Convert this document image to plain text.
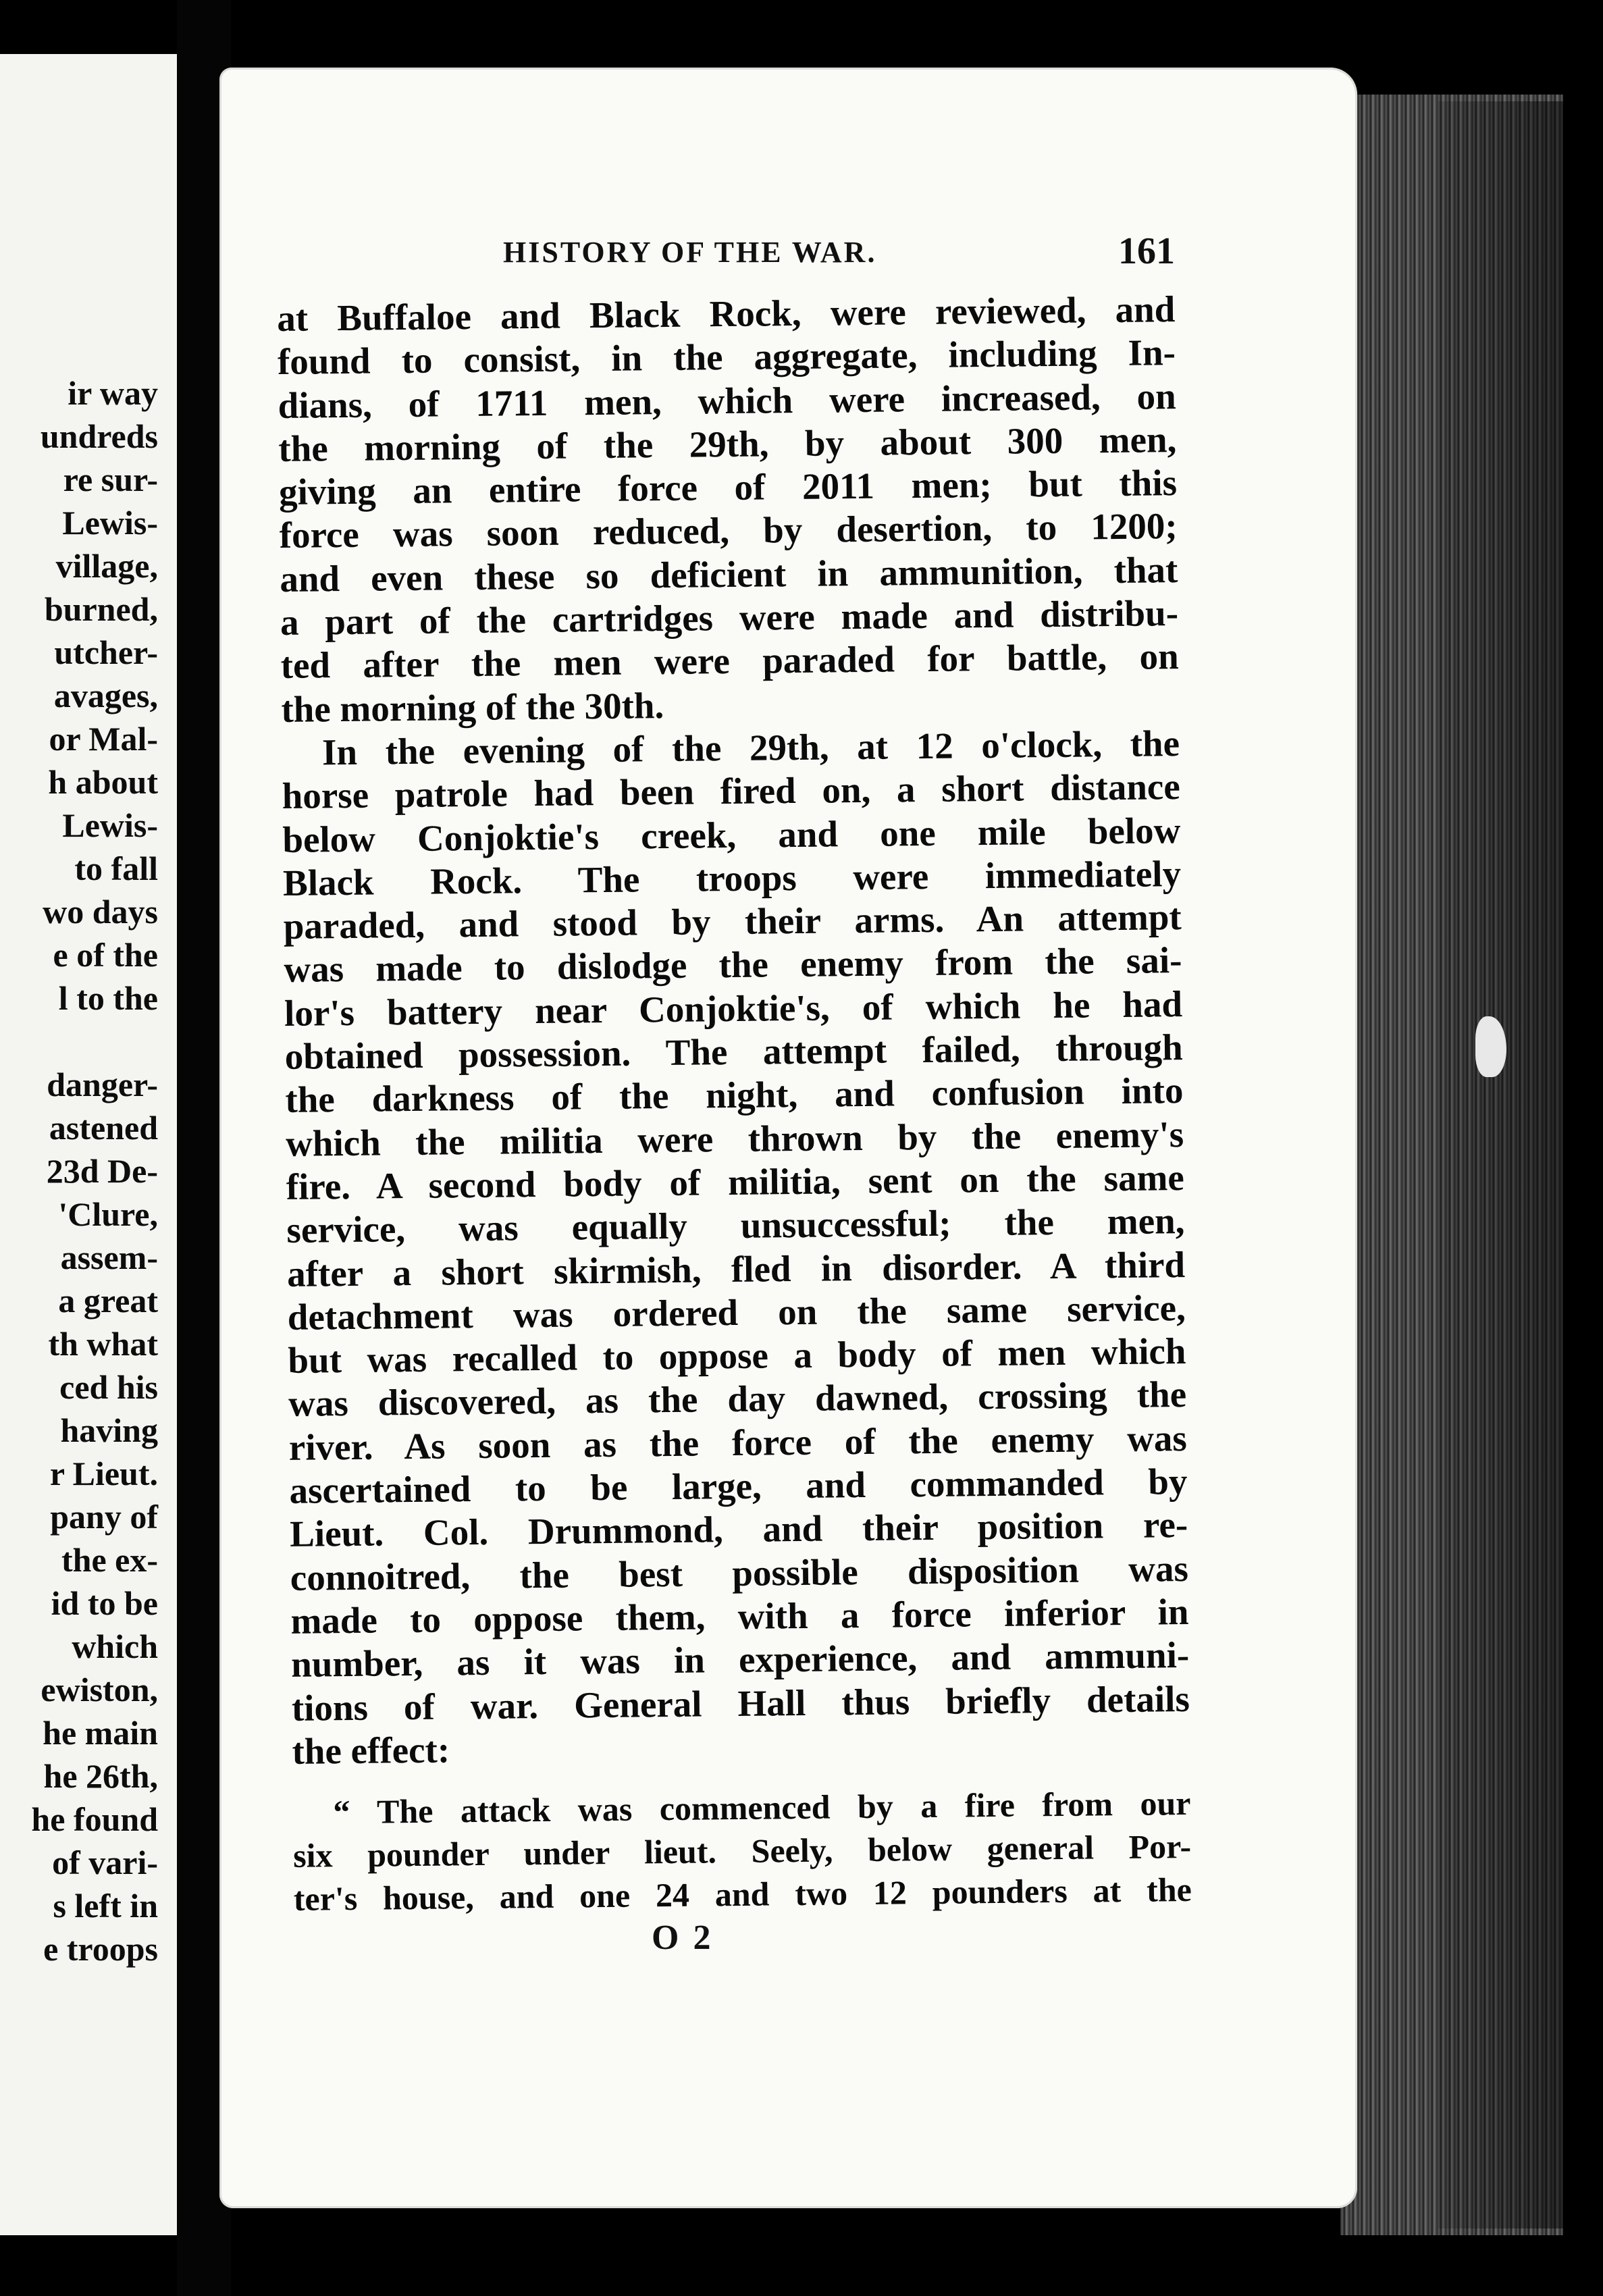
ir way
undreds
re sur-
Lewis-
village,
burned,
utcher-
avages,
or Mal-
h about
Lewis-
to fall
wo days
e of the
l to the
danger-
astened
23d De-
'Clure,
assem-
a great
th what
ced his
having
r Lieut.
pany of
the ex-
id to be
which
ewiston,
he main
he 26th,
he found
of vari-
s left in
e troops
HISTORY OF THE WAR.	161
at Buffaloe and Black Rock, were reviewed, and
found to consist, in the aggregate, including In-
dians, of 1711 men, which were increased, on
the morning of the 29th, by about 300 men,
giving an entire force of 2011 men; but this
force was soon reduced, by desertion, to 1200;
and even these so deficient in ammunition, that
a part of the cartridges were made and distribu-
ted after the men were paraded for battle, on
the morning of the 30th.
In the evening of the 29th, at 12 o'clock, the
horse patrole had been fired on, a short distance
below Conjoktie's creek, and one mile below
Black Rock. The troops were immediately
paraded, and stood by their arms. An attempt
was made to dislodge the enemy from the sai-
lor's battery near Conjoktie's, of which he had
obtained possession. The attempt failed, through
the darkness of the night, and confusion into
which the militia were thrown by the enemy's
fire. A second body of militia, sent on the same
service, was equally unsuccessful; the men,
after a short skirmish, fled in disorder. A third
detachment was ordered on the same service,
but was recalled to oppose a body of men which
was discovered, as the day dawned, crossing the
river. As soon as the force of the enemy was
ascertained to be large, and commanded by
Lieut. Col. Drummond, and their position re-
connoitred, the best possible disposition was
made to oppose them, with a force inferior in
number, as it was in experience, and ammuni-
tions of war. General Hall thus briefly details
the effect:
“ The attack was commenced by a fire from our
six pounder under lieut. Seely, below general Por-
ter's house, and one 24 and two 12 pounders at the
O 2
